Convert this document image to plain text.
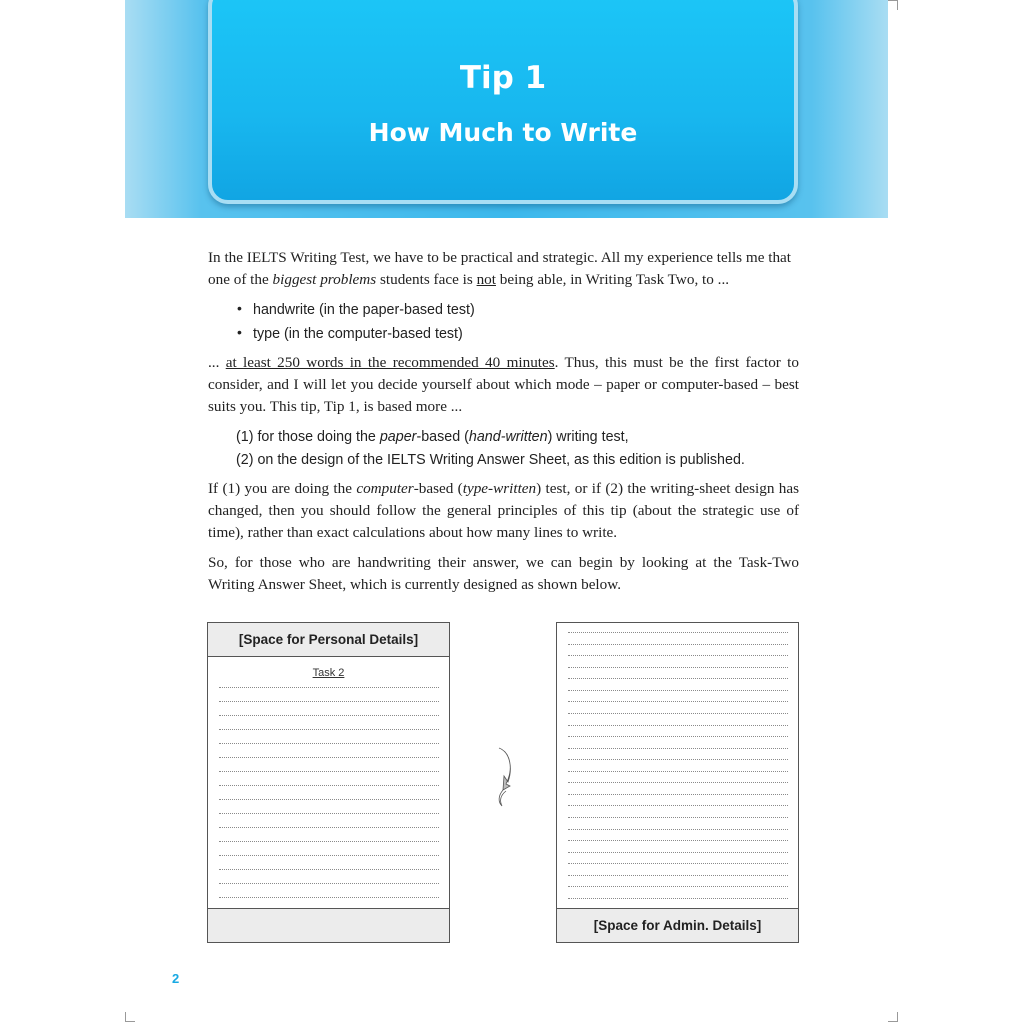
Tip 1
How Much to Write

In the IELTS Writing Test, we have to be practical and strategic. All my experience tells me that

one of the biggest problems students face is not being able, in Writing Task Two, to ...

• handwrite (in the paper-based test)

• type (in the computer-based test)

... at least 250 words in the recommended 40 minutes. Thus, this must be the first factor to consider, and I will let you decide yourself about which mode – paper or computer-based – best suits you. This tip, Tip 1, is based more ...

(1) for those doing the paper-based (hand-written) writing test,

(2) on the design of the IELTS Writing Answer Sheet, as this edition is published.

If (1) you are doing the computer-based (type-written) test, or if (2) the writing-sheet design has changed, then you should follow the general principles of this tip (about the strategic use of time), rather than exact calculations about how many lines to write.

So, for those who are handwriting their answer, we can begin by looking at the Task-Two Writing Answer Sheet, which is currently designed as shown below.

[Space for Personal Details]
Task 2
[Space for Admin. Details]
2
